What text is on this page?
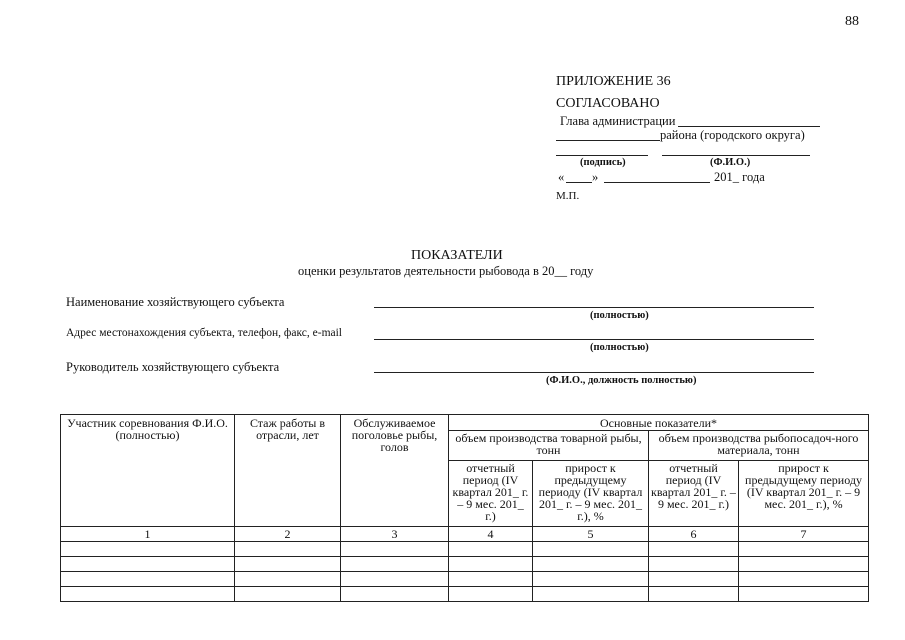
88
ПРИЛОЖЕНИЕ 36
СОГЛАСОВАНО
Глава администрации
района (городского округа)
(подпись)	(Ф.И.О.)
« »	201_ года
М.П.
ПОКАЗАТЕЛИ
оценки результатов деятельности рыбовода в 20__ году
Наименование хозяйствующего субъекта
(полностью)
Адрес местонахождения субъекта, телефон, факс, e-mail
(полностью)
Руководитель хозяйствующего субъекта
(Ф.И.О., должность полностью)
Участник соревнования Ф.И.О. (полностью)	Стаж работы в отрасли, лет	Обслуживаемое поголовье рыбы, голов	Основные показатели*			
			объем производства товарной рыбы, тонн		объем производства рыбопосадоч-ного материала, тонн	
			отчетный период (IV квартал 201_ г. – 9 мес. 201_ г.)	прирост к предыдущему периоду (IV квартал 201_ г. – 9 мес. 201_ г.), %	отчетный период (IV квартал 201_ г. – 9 мес. 201_ г.)	прирост к предыдущему периоду (IV квартал 201_ г. – 9 мес. 201_ г.), %
1	2	3	4	5	6	7
